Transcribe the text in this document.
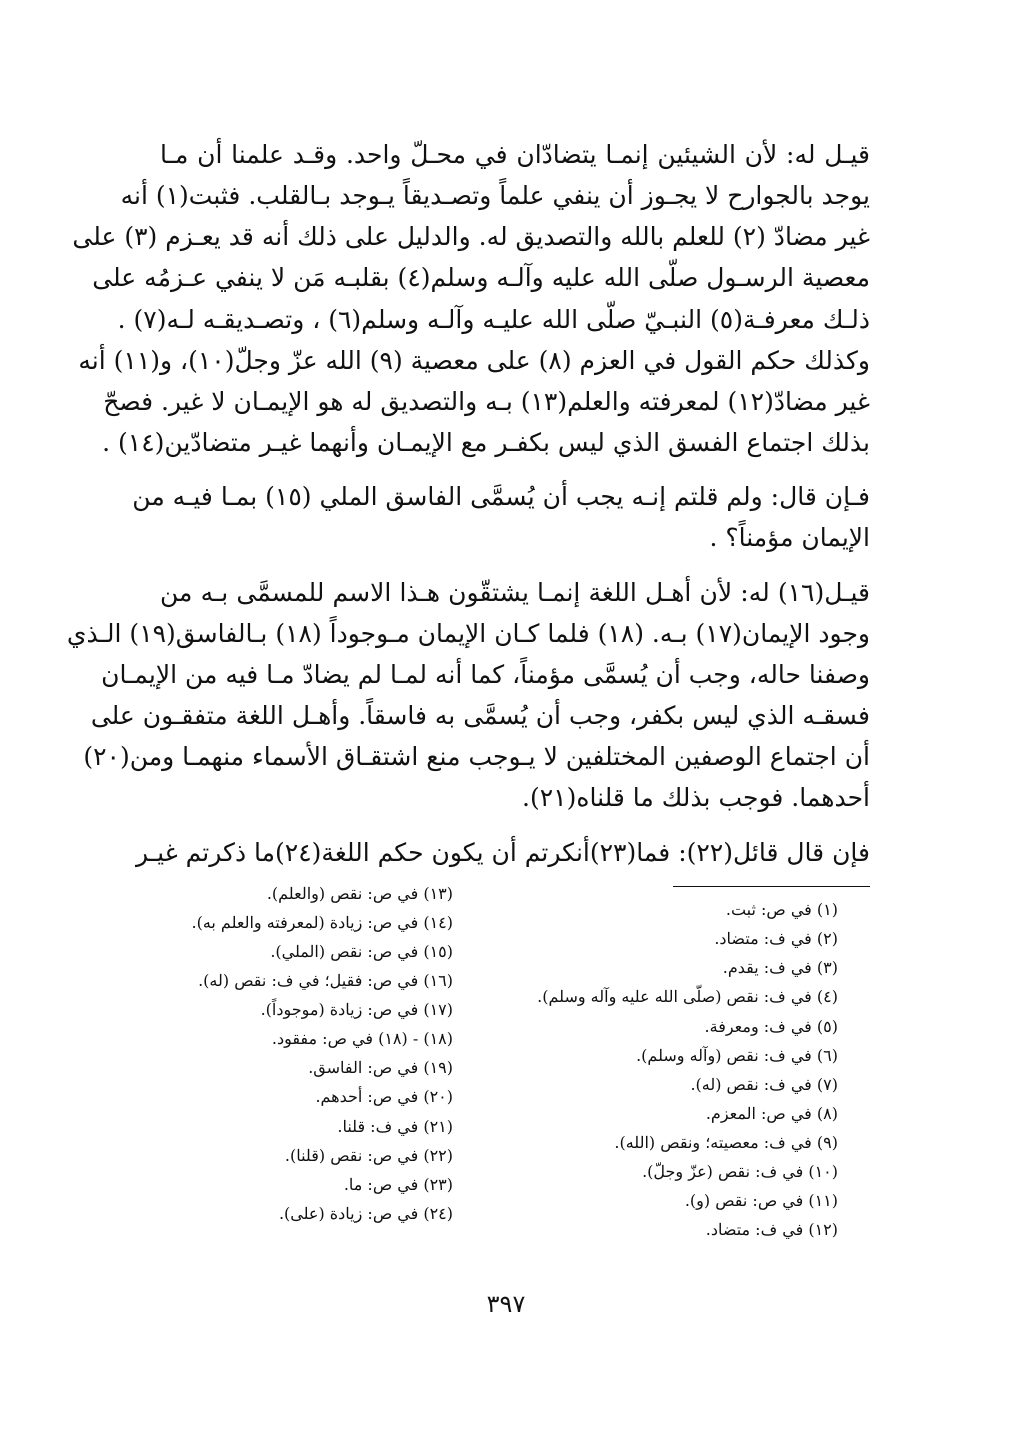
قيـل له: لأن الشيئين إنمـا يتضادّان في محـلّ واحد. وقـد علمنا أن مـا
يوجد بالجوارح لا يجـوز أن ينفي علماً وتصـديقاً يـوجد بـالقلب. فثبت(١) أنه
غير مضادّ (٢) للعلم بالله والتصديق له. والدليل على ذلك أنه قد يعـزم (٣) على
معصية الرسـول صلّى الله عليه وآلـه وسلم(٤) بقلبـه مَن لا ينفي عـزمُه على
ذلـك معرفـة(٥) النبـيّ صلّى الله عليـه وآلـه وسلم(٦) ، وتصـديقـه لـه(٧) .
وكذلك حكم القول في العزم (٨) على معصية (٩) الله عزّ وجلّ(١٠)، و(١١) أنه
غير مضادّ(١٢) لمعرفته والعلم(١٣) بـه والتصديق له هو الإيمـان لا غير. فصحّ
بذلك اجتماع الفسق الذي ليس بكفـر مع الإيمـان وأنهما غيـر متضادّين(١٤) .
فـإن قال: ولم قلتم إنـه يجب أن يُسمَّى الفاسق الملي (١٥) بمـا فيـه من
الإيمان مؤمناً؟ .
قيـل(١٦) له: لأن أهـل اللغة إنمـا يشتقّون هـذا الاسم للمسمَّى بـه من
وجود الإيمان(١٧) بـه. (١٨) فلما كـان الإيمان مـوجوداً (١٨) بـالفاسق(١٩) الـذي
وصفنا حاله، وجب أن يُسمَّى مؤمناً، كما أنه لمـا لم يضادّ مـا فيه من الإيمـان
فسقـه الذي ليس بكفر، وجب أن يُسمَّى به فاسقاً. وأهـل اللغة متفقـون على
أن اجتماع الوصفين المختلفين لا يـوجب منع اشتقـاق الأسماء منهمـا ومن(٢٠)
أحدهما. فوجب بذلك ما قلناه(٢١).
فإن قال قائل(٢٢): فما(٢٣)أنكرتم أن يكون حكم اللغة(٢٤)ما ذكرتم غيـر
(١) في ص: ثبت.
(٢) في ف: متضاد.
(٣) في ف: يقدم.
(٤) في ف: نقص (صلّى الله عليه وآله وسلم).
(٥) في ف: ومعرفة.
(٦) في ف: نقص (وآله وسلم).
(٧) في ف: نقص (له).
(٨) في ص: المعزم.
(٩) في ف: معصيته؛ ونقص (الله).
(١٠) في ف: نقص (عزّ وجلّ).
(١١) في ص: نقص (و).
(١٢) في ف: متضاد.
(١٣) في ص: نقص (والعلم).
(١٤) في ص: زيادة (لمعرفته والعلم به).
(١٥) في ص: نقص (الملي).
(١٦) في ص: فقيل؛ في ف: نقص (له).
(١٧) في ص: زيادة (موجوداً).
(١٨) - (١٨) في ص: مفقود.
(١٩) في ص: الفاسق.
(٢٠) في ص: أحدهم.
(٢١) في ف: قلنا.
(٢٢) في ص: نقص (قلنا).
(٢٣) في ص: ما.
(٢٤) في ص: زيادة (على).
٣٩٧
